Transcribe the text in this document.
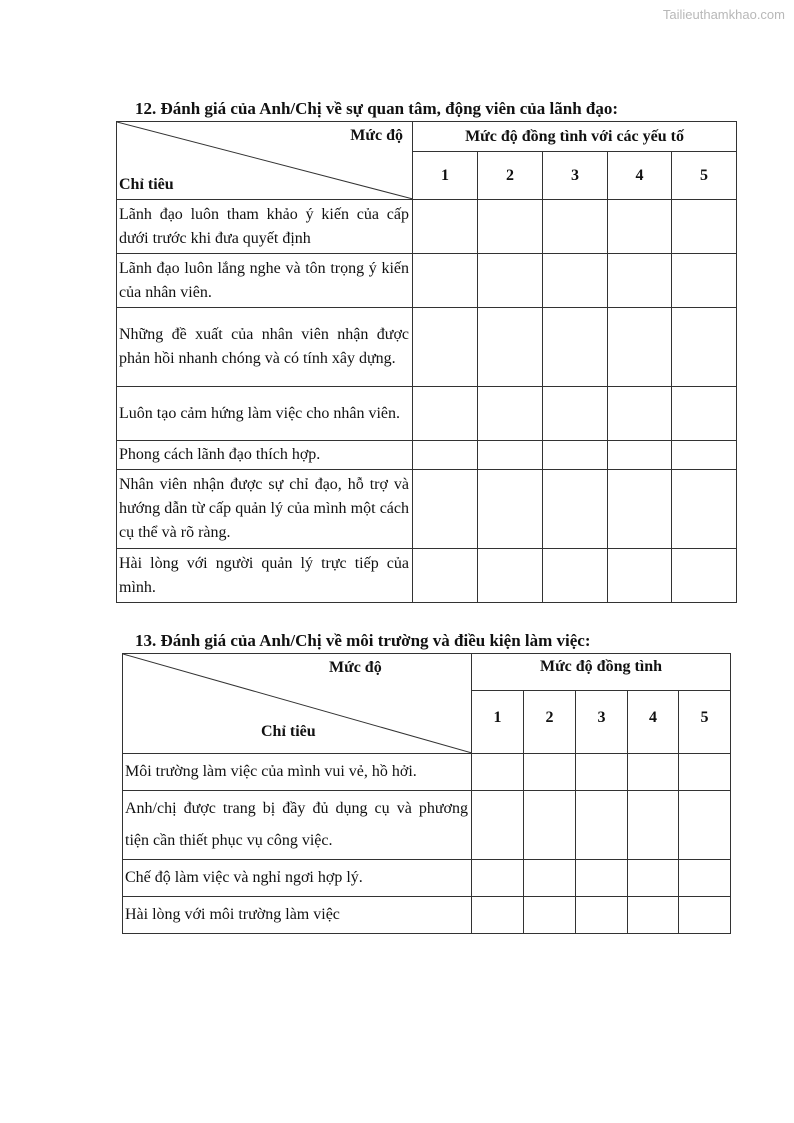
Tailieuthamkhao.com
12. Đánh giá của Anh/Chị về sự quan tâm, động viên của lãnh đạo:
Mức độ
Chỉ tiêu	Mức độ đồng tình với các yếu tố				
	1	2	3	4	5
Lãnh đạo luôn tham khảo ý kiến của cấp dưới trước khi đưa quyết định					
Lãnh đạo luôn lắng nghe và tôn trọng ý kiến của nhân viên.					
Những đề xuất của nhân viên nhận được phản hồi nhanh chóng và có tính xây dựng.					
Luôn tạo cảm hứng làm việc cho nhân viên.					
Phong cách lãnh đạo thích hợp.					
Nhân viên nhận được sự chỉ đạo, hỗ trợ và hướng dẫn từ cấp quản lý của mình một cách cụ thể và rõ ràng.					
Hài lòng với người quản lý trực tiếp của mình.					
13. Đánh giá của Anh/Chị về môi trường và điều kiện làm việc:
Mức độ
Chỉ tiêu	Mức độ đồng tình				
	1	2	3	4	5
Môi trường làm việc của mình vui vẻ, hồ hởi.					
Anh/chị được trang bị đầy đủ dụng cụ và phương tiện cần thiết phục vụ công việc.					
Chế độ làm việc và nghỉ ngơi hợp lý.					
Hài lòng với môi trường làm việc					
